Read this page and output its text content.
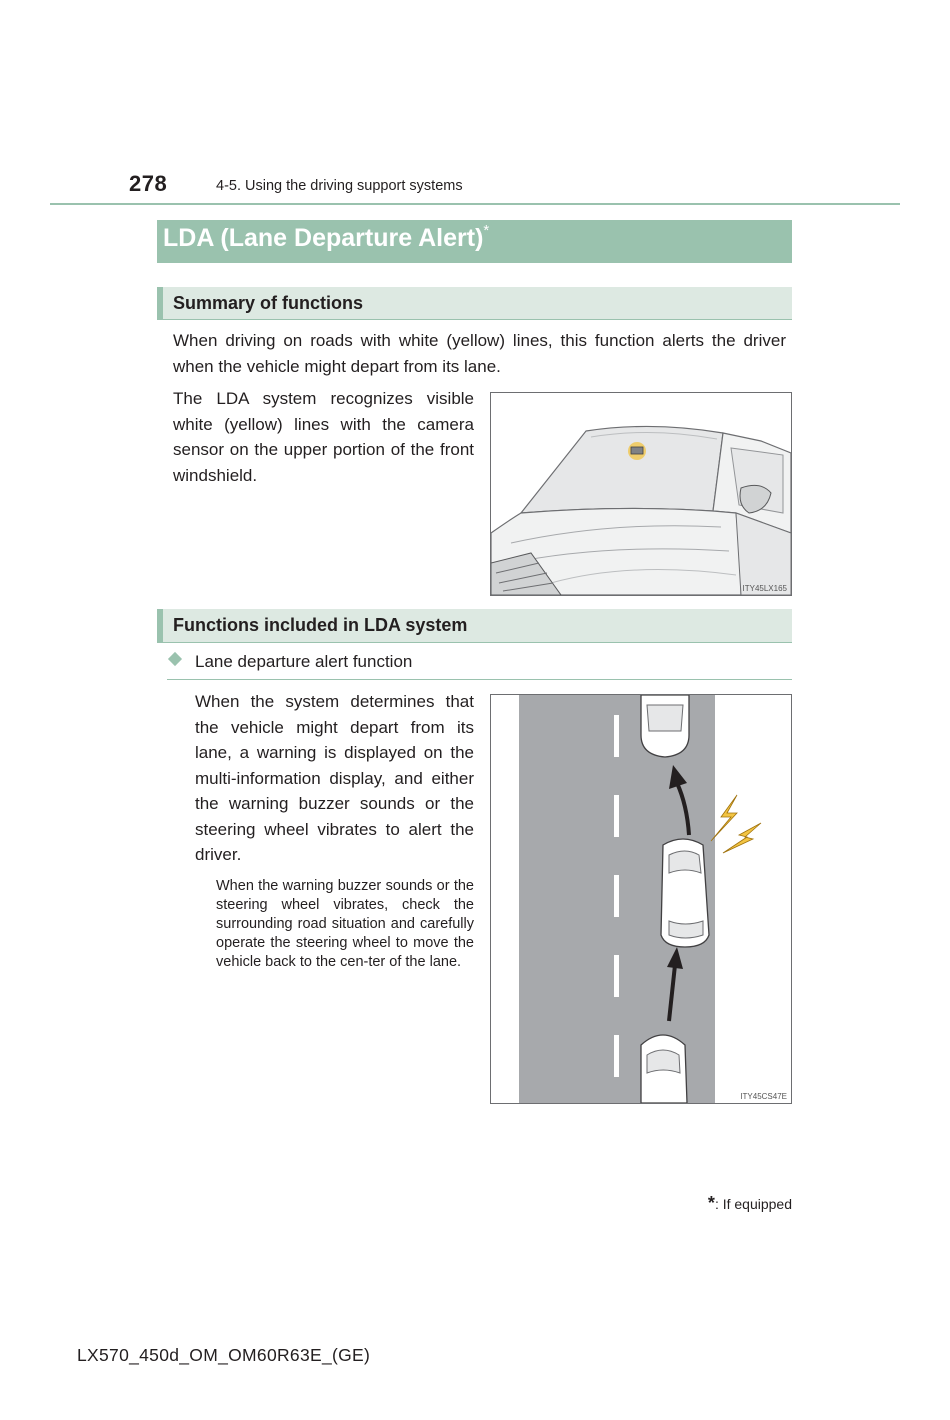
278	4-5. Using the driving support systems
LDA (Lane Departure Alert)*
Summary of functions
When driving on roads with white (yellow) lines, this function alerts the driver when the vehicle might depart from its lane.
The LDA system recognizes visible white (yellow) lines with the camera sensor on the upper portion of the front windshield.
ITY45LX165
Functions included in LDA system
Lane departure alert function
When the system determines that the vehicle might depart from its lane, a warning is displayed on the multi-information display, and either the warning buzzer sounds or the steering wheel vibrates to alert the driver.
When the warning buzzer sounds or the steering wheel vibrates, check the surrounding road situation and carefully operate the steering wheel to move the vehicle back to the cen-ter of the lane.
ITY45CS47E
*: If equipped
LX570_450d_OM_OM60R63E_(GE)
